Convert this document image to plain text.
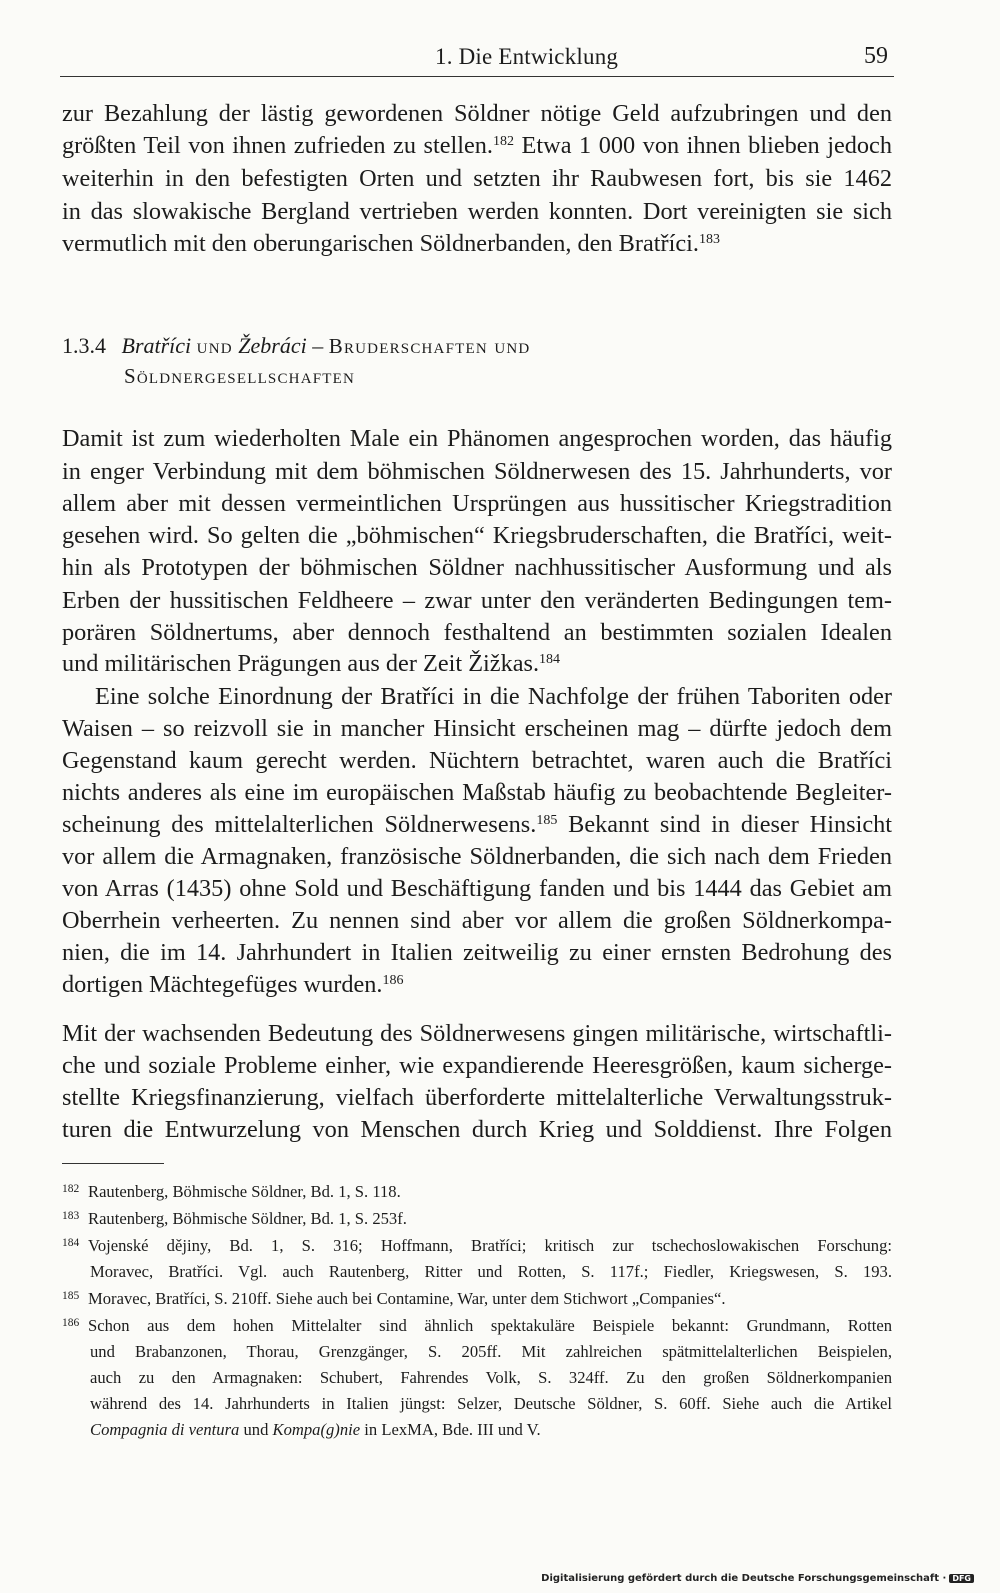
1. Die Entwicklung	59
zur Bezahlung der lästig gewordenen Söldner nötige Geld aufzubringen und den
größten Teil von ihnen zufrieden zu stellen.$^{182}$ Etwa 1 000 von ihnen blieben jedoch
weiterhin in den befestigten Orten und setzten ihr Raubwesen fort, bis sie 1462
in das slowakische Bergland vertrieben werden konnten. Dort vereinigten sie sich
vermutlich mit den oberungarischen Söldnerbanden, den Bratříci.$^{183}$
1.3.4 Bratříci und Žebráci – Bruderschaften und
Söldnergesellschaften
Damit ist zum wiederholten Male ein Phänomen angesprochen worden, das häufig
in enger Verbindung mit dem böhmischen Söldnerwesen des 15. Jahrhunderts, vor
allem aber mit dessen vermeintlichen Ursprüngen aus hussitischer Kriegstradition
gesehen wird. So gelten die „böhmischen“ Kriegsbruderschaften, die Bratříci, weit-
hin als Prototypen der böhmischen Söldner nachhussitischer Ausformung und als
Erben der hussitischen Feldheere – zwar unter den veränderten Bedingungen tem-
porären Söldnertums, aber dennoch festhaltend an bestimmten sozialen Idealen
und militärischen Prägungen aus der Zeit Žižkas.$^{184}$
Eine solche Einordnung der Bratříci in die Nachfolge der frühen Taboriten oder
Waisen – so reizvoll sie in mancher Hinsicht erscheinen mag – dürfte jedoch dem
Gegenstand kaum gerecht werden. Nüchtern betrachtet, waren auch die Bratříci
nichts anderes als eine im europäischen Maßstab häufig zu beobachtende Begleiter-
scheinung des mittelalterlichen Söldnerwesens.$^{185}$ Bekannt sind in dieser Hinsicht
vor allem die Armagnaken, französische Söldnerbanden, die sich nach dem Frieden
von Arras (1435) ohne Sold und Beschäftigung fanden und bis 1444 das Gebiet am
Oberrhein verheerten. Zu nennen sind aber vor allem die großen Söldnerkompa-
nien, die im 14. Jahrhundert in Italien zeitweilig zu einer ernsten Bedrohung des
dortigen Mächtegefüges wurden.$^{186}$
Mit der wachsenden Bedeutung des Söldnerwesens gingen militärische, wirtschaftli-
che und soziale Probleme einher, wie expandierende Heeresgrößen, kaum sicherge-
stellte Kriegsfinanzierung, vielfach überforderte mittelalterliche Verwaltungsstruk-
turen die Entwurzelung von Menschen durch Krieg und Solddienst. Ihre Folgen
182 Rautenberg, Böhmische Söldner, Bd. 1, S. 118.
183 Rautenberg, Böhmische Söldner, Bd. 1, S. 253f.
184 Vojenské dějiny, Bd. 1, S. 316; Hoffmann, Bratříci; kritisch zur tschechoslowakischen Forschung:
Moravec, Bratříci. Vgl. auch Rautenberg, Ritter und Rotten, S. 117f.; Fiedler, Kriegswesen, S. 193.
185 Moravec, Bratříci, S. 210ff. Siehe auch bei Contamine, War, unter dem Stichwort „Companies“.
186 Schon aus dem hohen Mittelalter sind ähnlich spektakuläre Beispiele bekannt: Grundmann, Rotten
und Brabanzonen, Thorau, Grenzgänger, S. 205ff. Mit zahlreichen spätmittelalterlichen Beispielen,
auch zu den Armagnaken: Schubert, Fahrendes Volk, S. 324ff. Zu den großen Söldnerkompanien
während des 14. Jahrhunderts in Italien jüngst: Selzer, Deutsche Söldner, S. 60ff. Siehe auch die Artikel
Compagnia di ventura und Kompa(g)nie in LexMA, Bde. III und V.
Digitalisierung gefördert durch die Deutsche Forschungsgemeinschaft · DFG
